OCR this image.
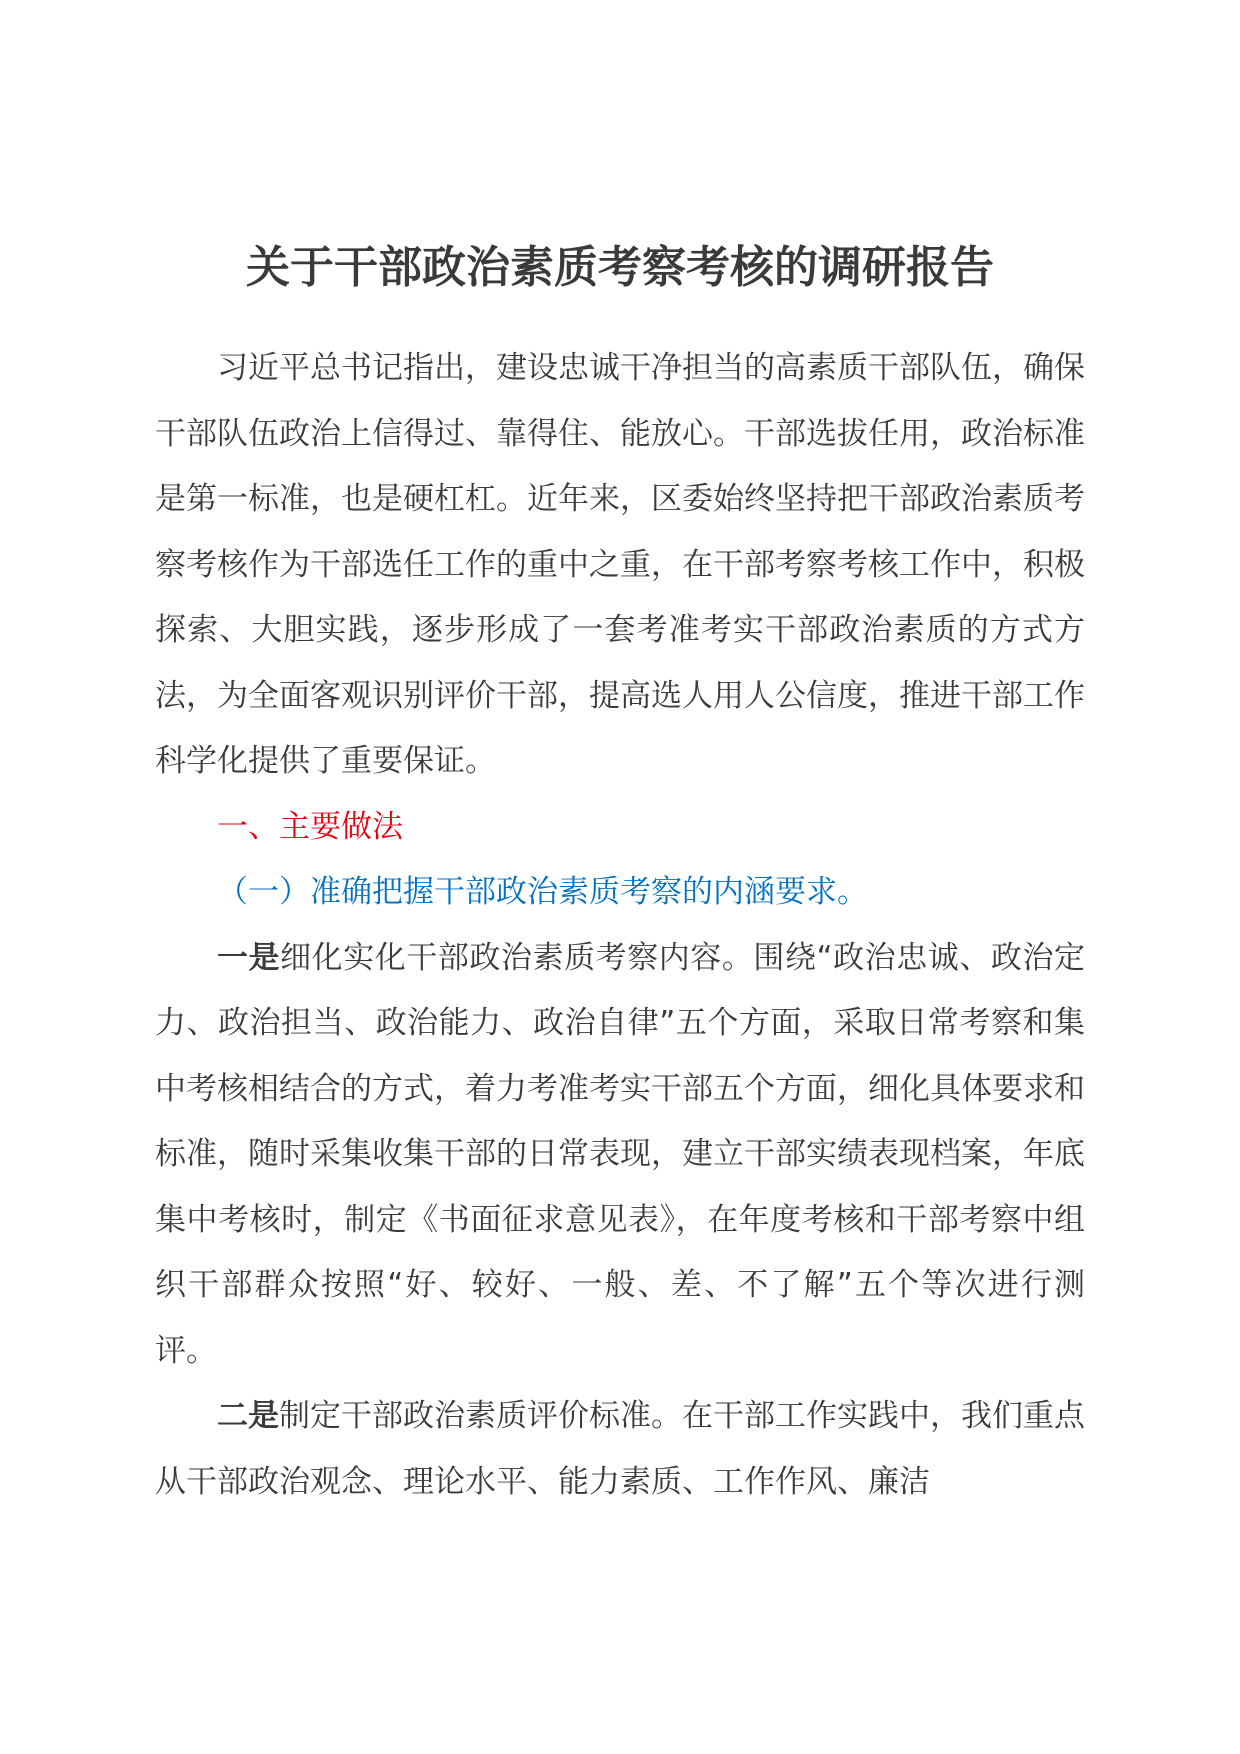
关于干部政治素质考察考核的调研报告

习近平总书记指出，建设忠诚干净担当的高素质干部队伍，确保干部队伍政治上信得过、靠得住、能放心。干部选拔任用，政治标准是第一标准，也是硬杠杠。近年来，区委始终坚持把干部政治素质考察考核作为干部选任工作的重中之重，在干部考察考核工作中，积极探索、大胆实践，逐步形成了一套考准考实干部政治素质的方式方法，为全面客观识别评价干部，提高选人用人公信度，推进干部工作科学化提供了重要保证。

一、主要做法

（一）准确把握干部政治素质考察的内涵要求。

一是细化实化干部政治素质考察内容。围绕“政治忠诚、政治定力、政治担当、政治能力、政治自律”五个方面，采取日常考察和集中考核相结合的方式，着力考准考实干部五个方面，细化具体要求和标准，随时采集收集干部的日常表现，建立干部实绩表现档案，年底集中考核时，制定《书面征求意见表》，在年度考核和干部考察中组织干部群众按照“好、较好、一般、差、不了解”五个等次进行测评。

二是制定干部政治素质评价标准。在干部工作实践中，我们重点从干部政治观念、理论水平、能力素质、工作作风、廉洁
